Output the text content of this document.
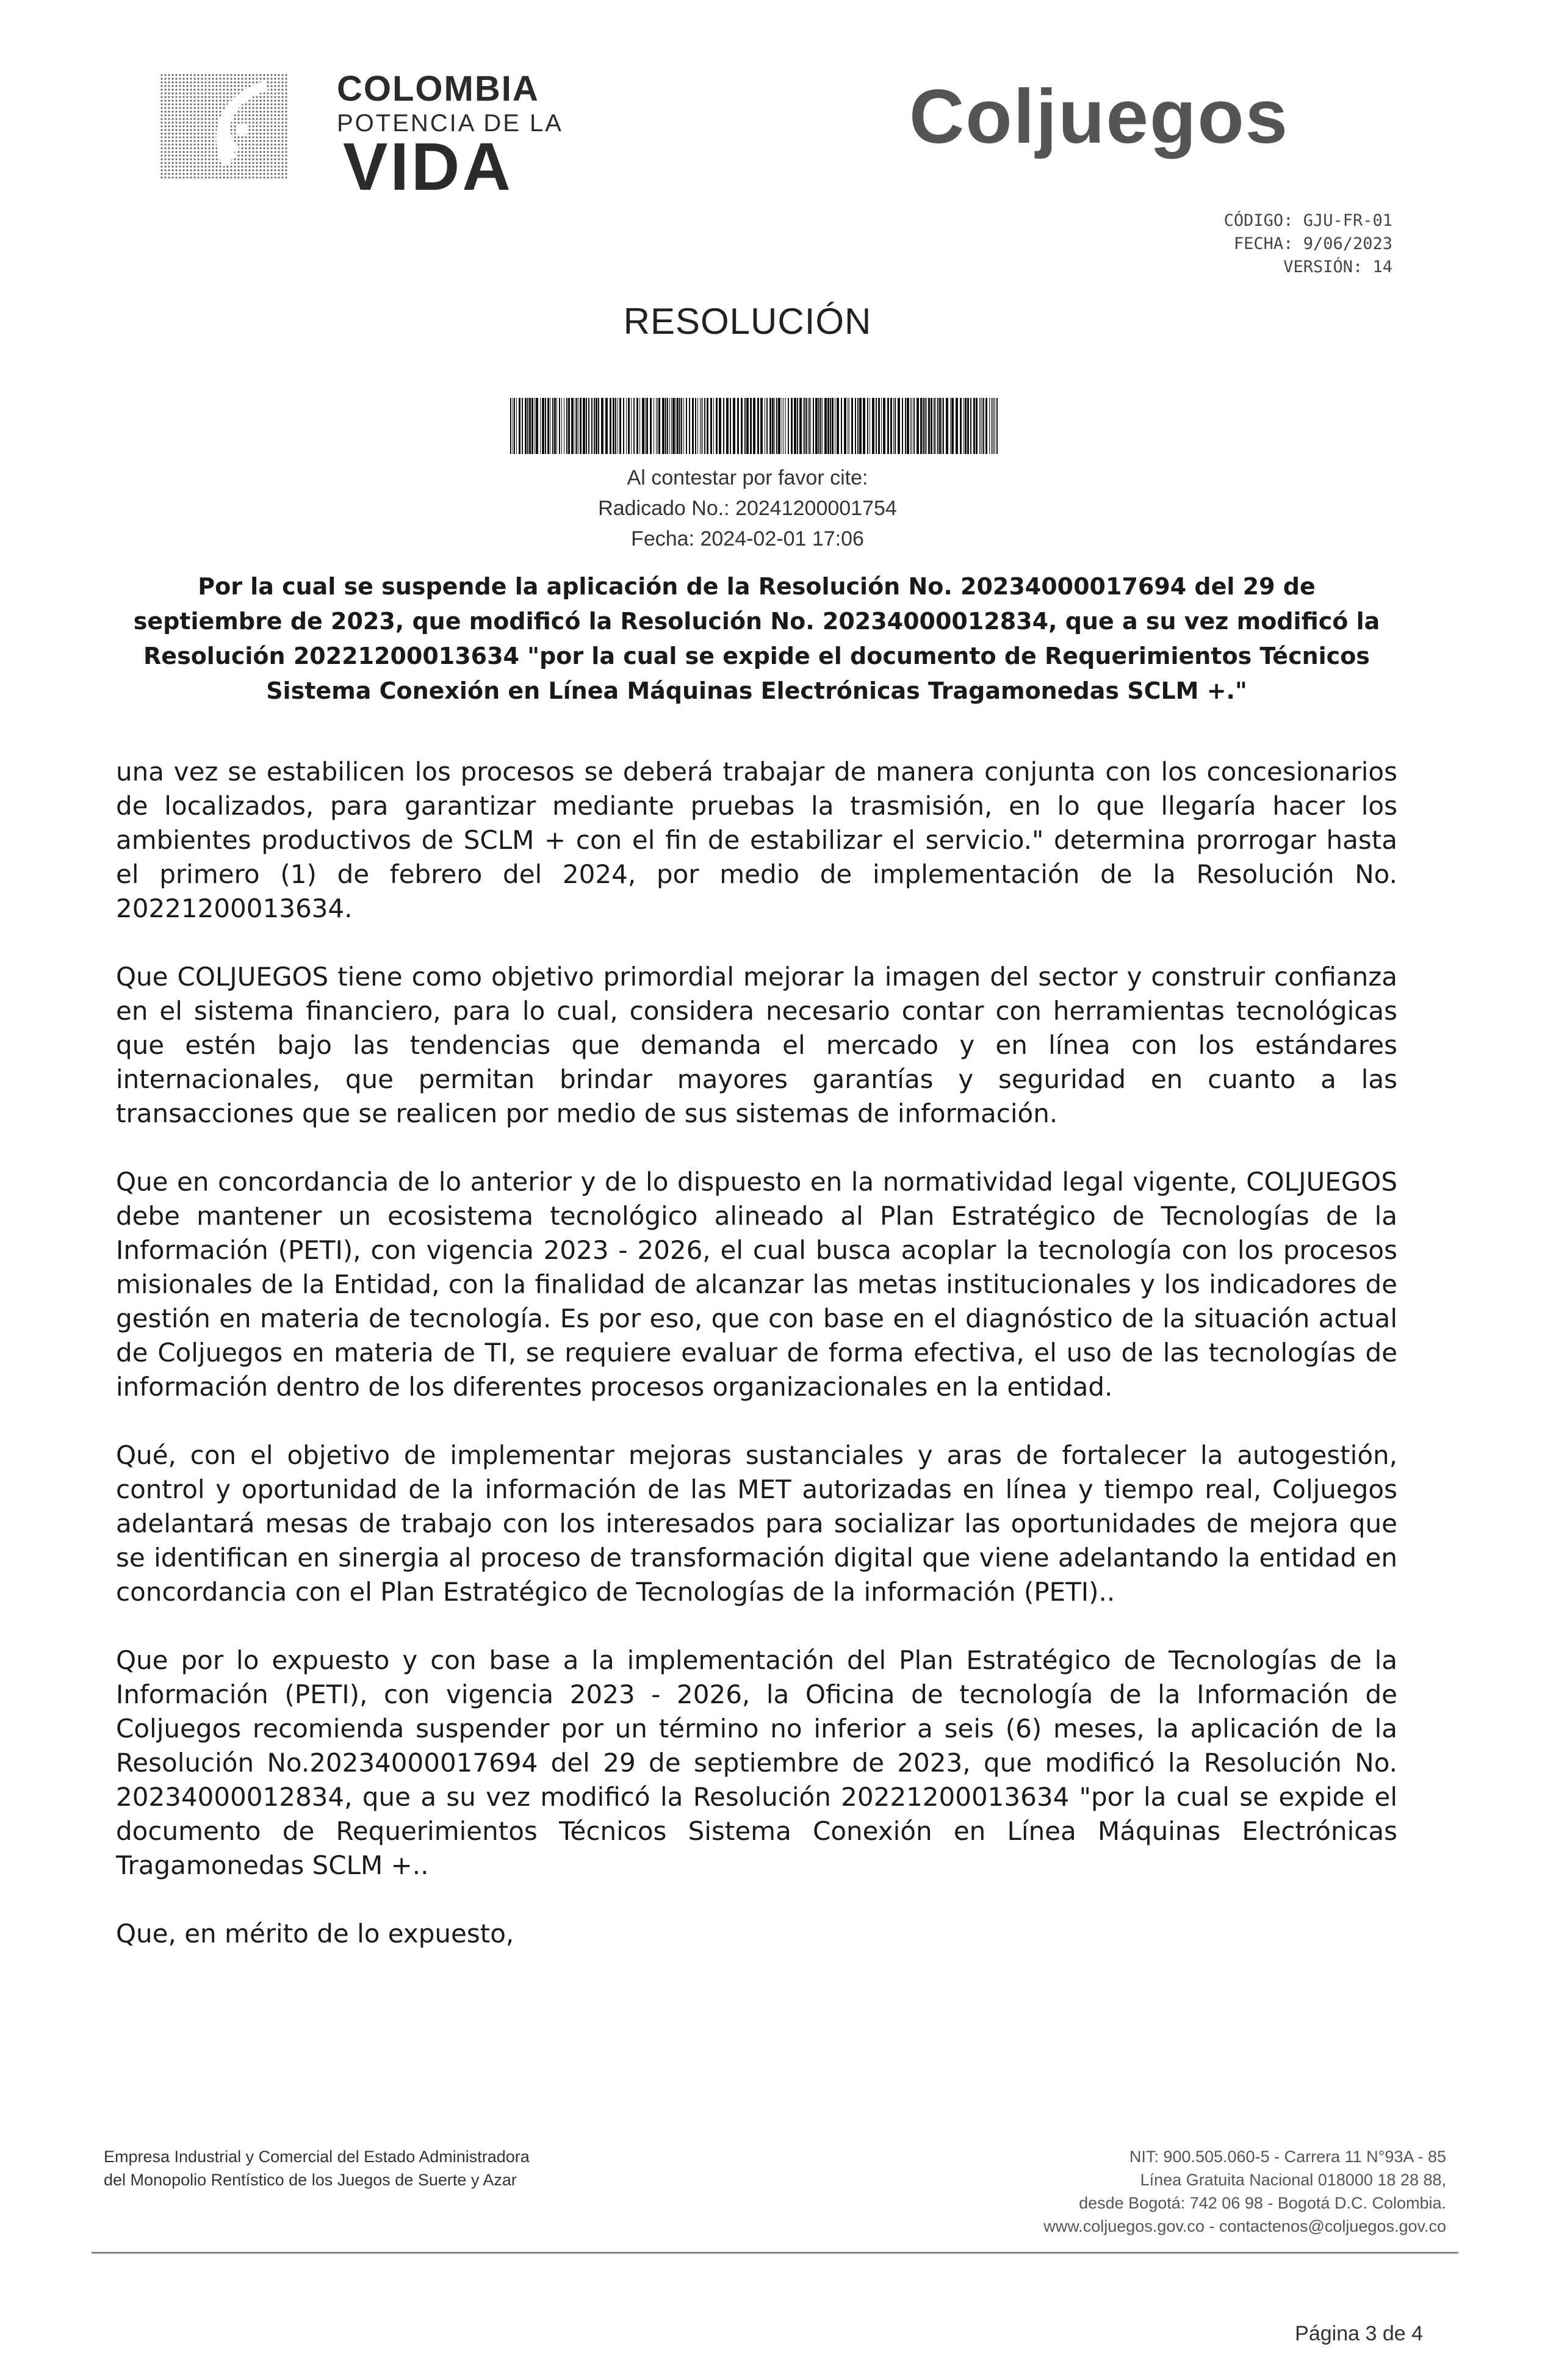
COLOMBIA
POTENCIA DE LA
VIDA
Coljuegos
CÓDIGO: GJU-FR-01
FECHA: 9/06/2023
VERSIÓN: 14
RESOLUCIÓN
Al contestar por favor cite:
Radicado No.: 20241200001754
Fecha: 2024-02-01 17:06
Por la cual se suspende la aplicación de la Resolución No. 20234000017694 del 29 de septiembre de 2023, que modificó la Resolución No. 20234000012834, que a su vez modificó la Resolución 20221200013634 "por la cual se expide el documento de Requerimientos Técnicos Sistema Conexión en Línea Máquinas Electrónicas Tragamonedas SCLM +."

una vez se estabilicen los procesos se deberá trabajar de manera conjunta con los concesionarios de localizados, para garantizar mediante pruebas la trasmisión, en lo que llegaría hacer los ambientes productivos de SCLM + con el fin de estabilizar el servicio." determina prorrogar hasta el primero (1) de febrero del 2024, por medio de implementación de la Resolución No. 20221200013634.

Que COLJUEGOS tiene como objetivo primordial mejorar la imagen del sector y construir confianza en el sistema financiero, para lo cual, considera necesario contar con herramientas tecnológicas que estén bajo las tendencias que demanda el mercado y en línea con los estándares internacionales, que permitan brindar mayores garantías y seguridad en cuanto a las transacciones que se realicen por medio de sus sistemas de información.

Que en concordancia de lo anterior y de lo dispuesto en la normatividad legal vigente, COLJUEGOS debe mantener un ecosistema tecnológico alineado al Plan Estratégico de Tecnologías de la Información (PETI), con vigencia 2023 - 2026, el cual busca acoplar la tecnología con los procesos misionales de la Entidad, con la finalidad de alcanzar las metas institucionales y los indicadores de gestión en materia de tecnología. Es por eso, que con base en el diagnóstico de la situación actual de Coljuegos en materia de TI, se requiere evaluar de forma efectiva, el uso de las tecnologías de información dentro de los diferentes procesos organizacionales en la entidad.

Qué, con el objetivo de implementar mejoras sustanciales y aras de fortalecer la autogestión, control y oportunidad de la información de las MET autorizadas en línea y tiempo real, Coljuegos adelantará mesas de trabajo con los interesados para socializar las oportunidades de mejora que se identifican en sinergia al proceso de transformación digital que viene adelantando la entidad en concordancia con el Plan Estratégico de Tecnologías de la información (PETI)..

Que por lo expuesto y con base a la implementación del Plan Estratégico de Tecnologías de la Información (PETI), con vigencia 2023 - 2026, la Oficina de tecnología de la Información de Coljuegos recomienda suspender por un término no inferior a seis (6) meses, la aplicación de la Resolución No.20234000017694 del 29 de septiembre de 2023, que modificó la Resolución No. 20234000012834, que a su vez modificó la Resolución 20221200013634 "por la cual se expide el documento de Requerimientos Técnicos Sistema Conexión en Línea Máquinas Electrónicas Tragamonedas SCLM +..

Que, en mérito de lo expuesto,

Empresa Industrial y Comercial del Estado Administradora
del Monopolio Rentístico de los Juegos de Suerte y Azar
NIT: 900.505.060-5 - Carrera 11 N°93A - 85
Línea Gratuita Nacional 018000 18 28 88,
desde Bogotá: 742 06 98 - Bogotá D.C. Colombia.
www.coljuegos.gov.co - contactenos@coljuegos.gov.co
Página 3 de 4
